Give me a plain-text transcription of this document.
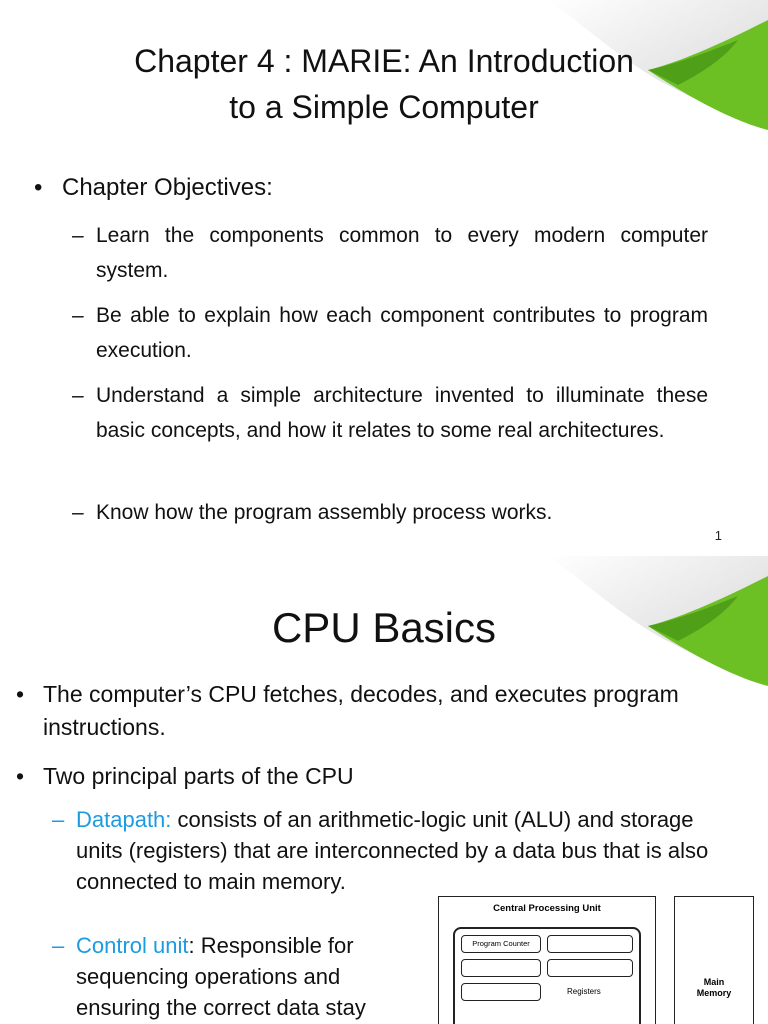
Chapter 4 : MARIE: An Introduction
to a Simple Computer
• Chapter Objectives:
– Learn the components common to every modern computer system.
– Be able to explain how each component contributes to program execution.
– Understand a simple architecture invented to illuminate these basic concepts, and how it relates to some real architectures.
– Know how the program assembly process works.
1
CPU Basics
• The computer’s CPU fetches, decodes, and executes program instructions.
• Two principal parts of the CPU
– Datapath: consists of an arithmetic-logic unit (ALU) and storage units (registers) that are interconnected by a data bus that is also connected to main memory.
– Control unit: Responsible for sequencing operations and ensuring the correct data stay
Central Processing Unit
Program Counter
Registers
Main
Memory
